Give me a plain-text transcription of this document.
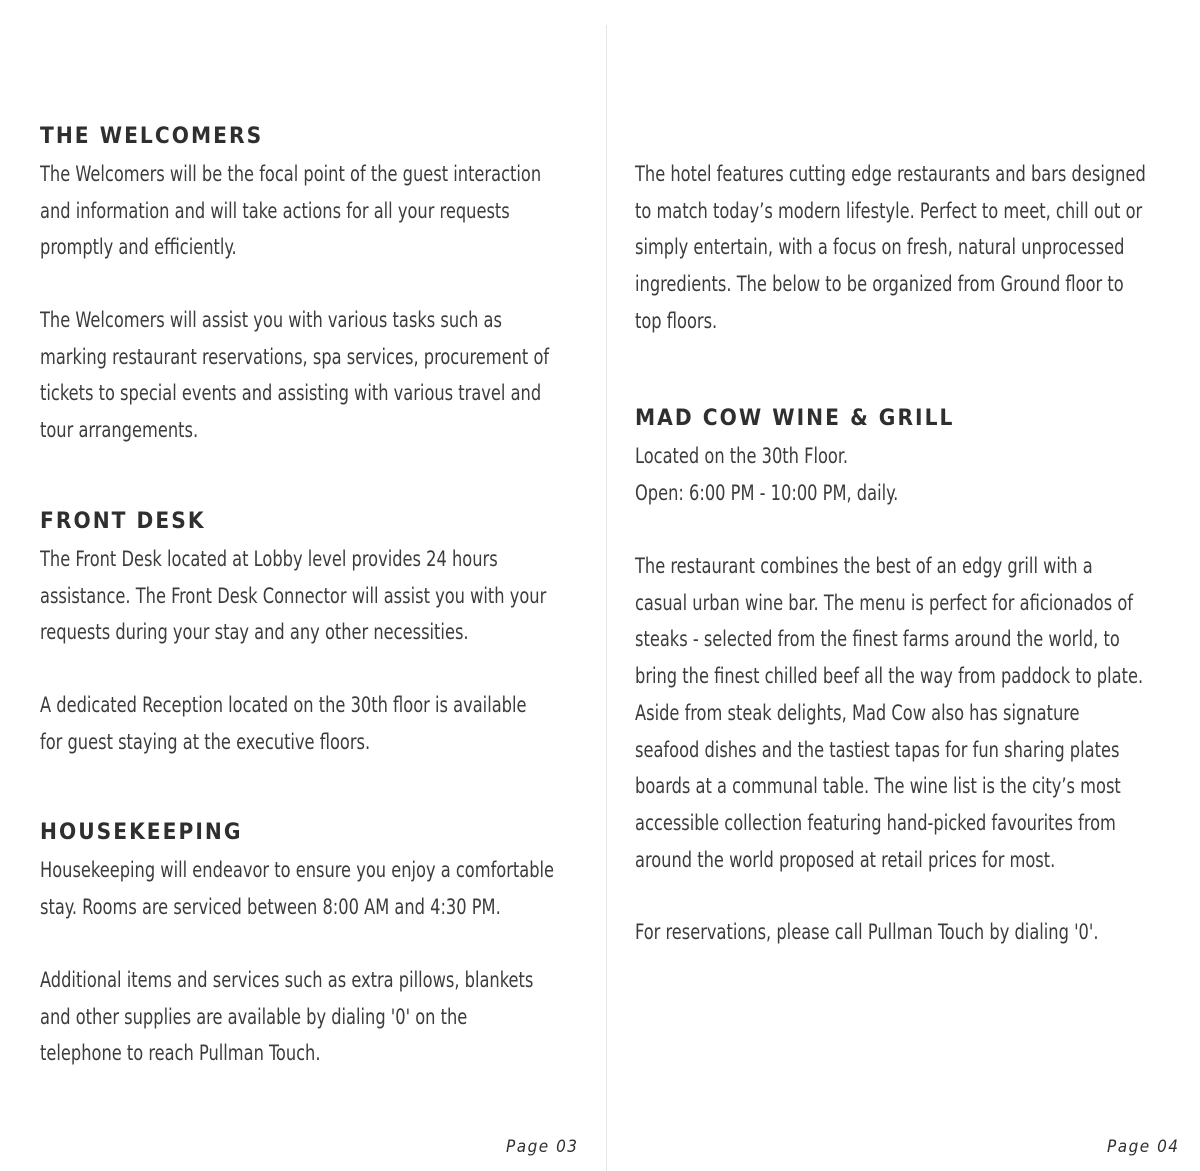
THE WELCOMERS
The Welcomers will be the focal point of the guest interaction
and information and will take actions for all your requests
promptly and efficiently.
The Welcomers will assist you with various tasks such as
marking restaurant reservations, spa services, procurement of
tickets to special events and assisting with various travel and
tour arrangements.
FRONT DESK
The Front Desk located at Lobby level provides 24 hours
assistance. The Front Desk Connector will assist you with your
requests during your stay and any other necessities.
A dedicated Reception located on the 30th floor is available
for guest staying at the executive floors.
HOUSEKEEPING
Housekeeping will endeavor to ensure you enjoy a comfortable
stay. Rooms are serviced between 8:00 AM and 4:30 PM.
Additional items and services such as extra pillows, blankets
and other supplies are available by dialing '0' on the
telephone to reach Pullman Touch.
Page 03
The hotel features cutting edge restaurants and bars designed
to match today’s modern lifestyle. Perfect to meet, chill out or
simply entertain, with a focus on fresh, natural unprocessed
ingredients. The below to be organized from Ground floor to
top floors.
MAD COW WINE & GRILL
Located on the 30th Floor.
Open: 6:00 PM - 10:00 PM, daily.
The restaurant combines the best of an edgy grill with a
casual urban wine bar. The menu is perfect for aficionados of
steaks - selected from the finest farms around the world, to
bring the finest chilled beef all the way from paddock to plate.
Aside from steak delights, Mad Cow also has signature
seafood dishes and the tastiest tapas for fun sharing plates
boards at a communal table. The wine list is the city’s most
accessible collection featuring hand-picked favourites from
around the world proposed at retail prices for most.
For reservations, please call Pullman Touch by dialing '0'.
Page 04
